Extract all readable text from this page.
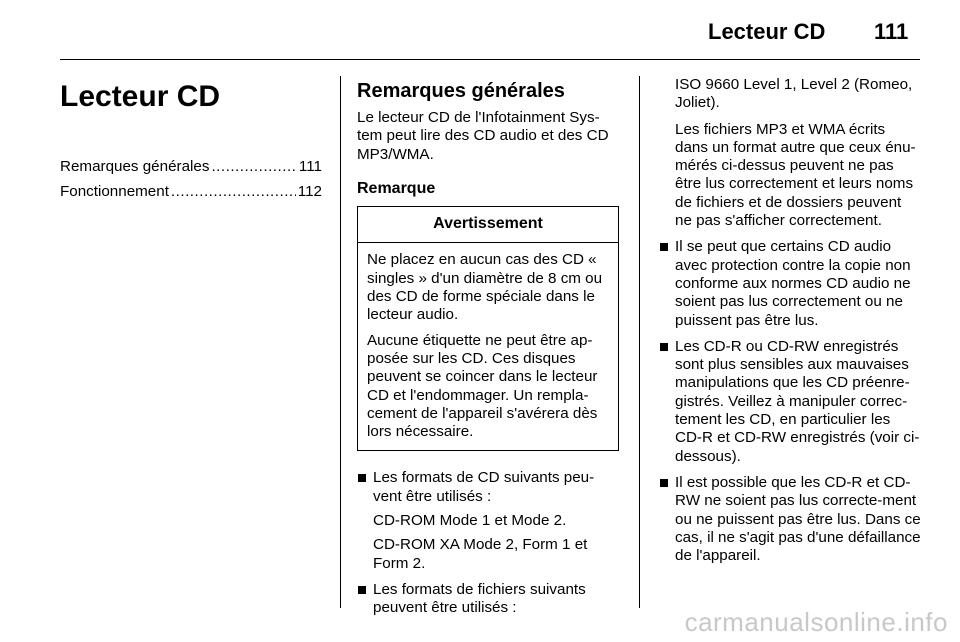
Lecteur CD 111
Lecteur CD
Remarques générales .....	111
Fonctionnement .....	112
Remarques générales

Le lecteur CD de l'Infotainment Sys-tem peut lire des CD audio et des CD MP3/WMA.

Remarque
Avertissement

Ne placez en aucun cas des CD « singles » d'un diamètre de 8 cm ou des CD de forme spéciale dans le lecteur audio.

Aucune étiquette ne peut être ap-posée sur les CD. Ces disques peuvent se coincer dans le lecteur CD et l'endommager. Un rempla-cement de l'appareil s'avérera dès lors nécessaire.

Les formats de CD suivants peu-vent être utilisés :

CD-ROM Mode 1 et Mode 2.

CD-ROM XA Mode 2, Form 1 et Form 2.

Les formats de fichiers suivants peuvent être utilisés :

ISO 9660 Level 1, Level 2 (Romeo, Joliet).

Les fichiers MP3 et WMA écrits dans un format autre que ceux énu-mérés ci-dessus peuvent ne pas être lus correctement et leurs noms de fichiers et de dossiers peuvent ne pas s'afficher correctement.

Il se peut que certains CD audio avec protection contre la copie non conforme aux normes CD audio ne soient pas lus correctement ou ne puissent pas être lus.

Les CD-R ou CD-RW enregistrés sont plus sensibles aux mauvaises manipulations que les CD préenre-gistrés. Veillez à manipuler correc-tement les CD, en particulier les CD-R et CD-RW enregistrés (voir ci-dessous).

Il est possible que les CD-R et CD-RW ne soient pas lus correcte-ment ou ne puissent pas être lus. Dans ce cas, il ne s'agit pas d'une défaillance de l'appareil.

carmanualsonline.info
